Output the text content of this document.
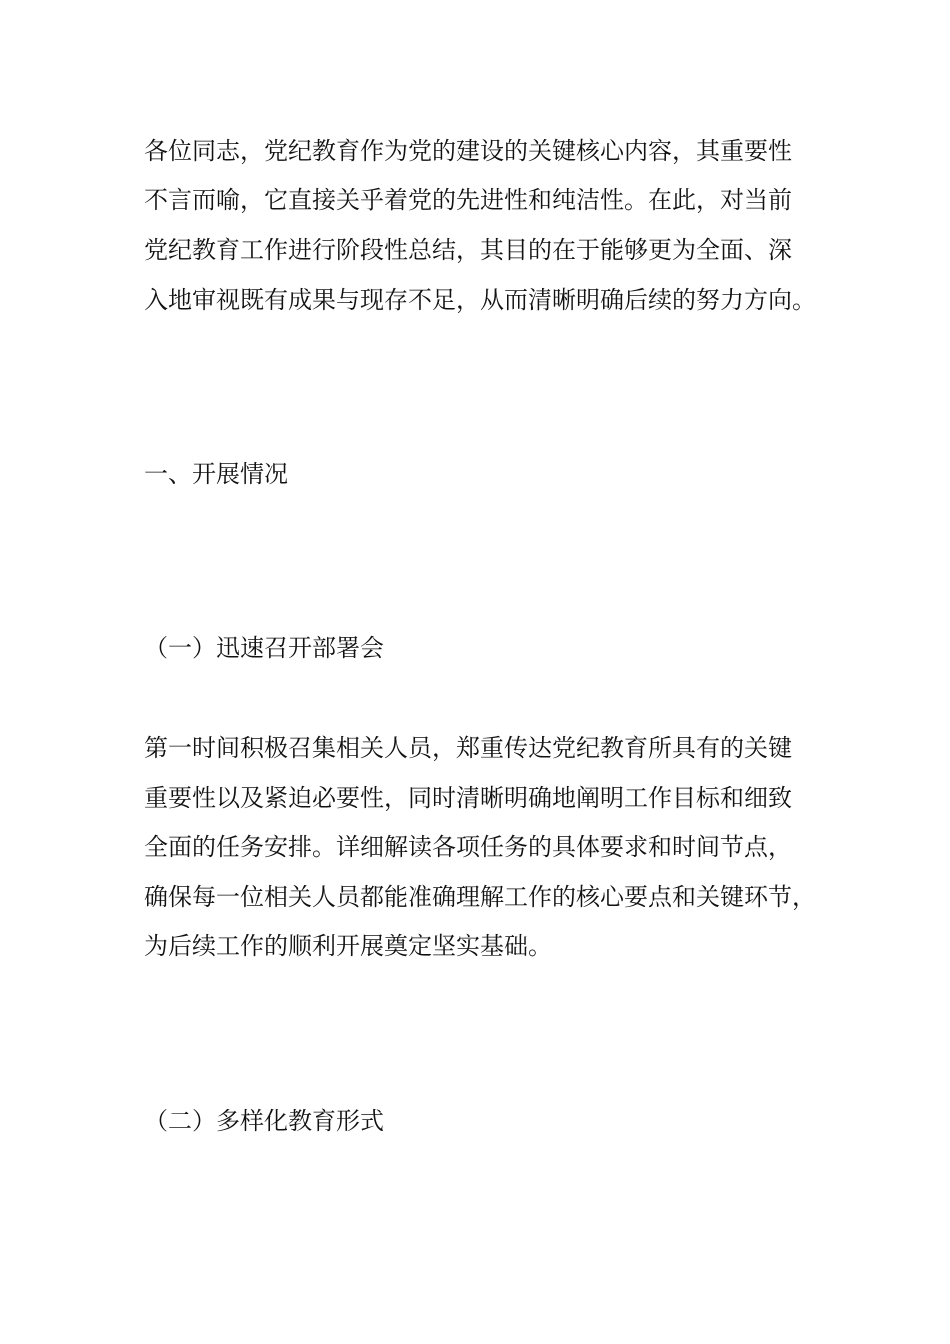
各位同志，党纪教育作为党的建设的关键核心内容，其重要性
不言而喻，它直接关乎着党的先进性和纯洁性。在此，对当前
党纪教育工作进行阶段性总结，其目的在于能够更为全面、深
入地审视既有成果与现存不足，从而清晰明确后续的努力方向。
一、开展情况
（一）迅速召开部署会
第一时间积极召集相关人员，郑重传达党纪教育所具有的关键
重要性以及紧迫必要性，同时清晰明确地阐明工作目标和细致
全面的任务安排。详细解读各项任务的具体要求和时间节点，
确保每一位相关人员都能准确理解工作的核心要点和关键环节，
为后续工作的顺利开展奠定坚实基础。
（二）多样化教育形式
